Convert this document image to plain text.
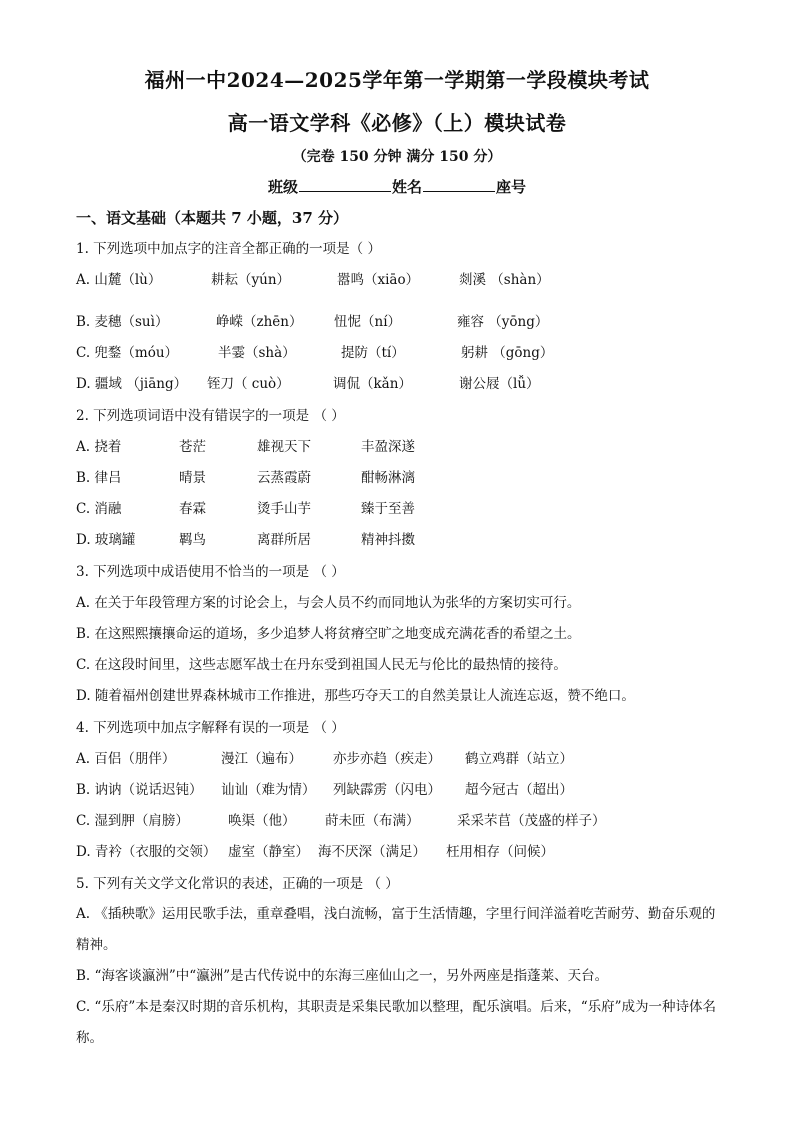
福州一中2024—2025学年第一学期第一学段模块考试
高一语文学科《必修》（上）模块试卷
（完卷 150 分钟 满分 150 分）
班级	姓名	座号
一、语文基础（本题共 7 小题，37 分）
1. 下列选项中加点字的注音全都正确的一项是（ ）
A. 山麓（lù）	耕耘（yún）	嚣鸣（xiāo）	剡溪 （shàn）
B. 麦穗（suì）	峥嵘（zhēn） 忸怩（ní）	雍容 （yōng）
C. 兜鍪（móu）	半霎（shà）	提防（tí）	躬耕 （gōng）
D. 疆域 （jiāng） 铚刀（ cuò）	调侃（kǎn）	谢公屐（lǚ）
2. 下列选项词语中没有错误字的一项是 （ ）
A. 挠着	苍茫	雄视天下	丰盈深遂
B. 律吕	晴景	云蒸霞蔚	酣畅淋漓
C. 消融	春霖	烫手山芋	臻于至善
D. 玻璃罐	羁鸟	离群所居	精神抖擞
3. 下列选项中成语使用不恰当的一项是 （ ）
A. 在关于年段管理方案的讨论会上，与会人员不约而同地认为张华的方案切实可行。
B. 在这熙熙攘攘命运的道场，多少追梦人将贫瘠空旷之地变成充满花香的希望之土。
C. 在这段时间里，这些志愿军战士在丹东受到祖国人民无与伦比的最热情的接待。
D. 随着福州创建世界森林城市工作推进，那些巧夺天工的自然美景让人流连忘返，赞不绝口。
4. 下列选项中加点字解释有误的一项是 （ ）
A. 百侣（朋伴）	漫江（遍布） 亦步亦趋（疾走） 鹤立鸡群（站立）
B. 讷讷（说话迟钝） 讪讪（难为情） 列缺霹雳（闪电） 超今冠古（超出）
C. 湿到胛（肩膀）	唤渠（他） 莳未匝（布满）	采采芣苢（茂盛的样子）
D. 青衿（衣服的交领） 虚室（静室） 海不厌深（满足） 枉用相存（问候）
5. 下列有关文学文化常识的表述，正确的一项是 （ ）
A. 《插秧歌》运用民歌手法，重章叠唱，浅白流畅，富于生活情趣，字里行间洋溢着吃苦耐劳、勤奋乐观的精神。
B. “海客谈瀛洲”中“瀛洲”是古代传说中的东海三座仙山之一，另外两座是指蓬莱、天台。
C. “乐府”本是秦汉时期的音乐机构，其职责是采集民歌加以整理，配乐演唱。后来，“乐府”成为一种诗体名称。
